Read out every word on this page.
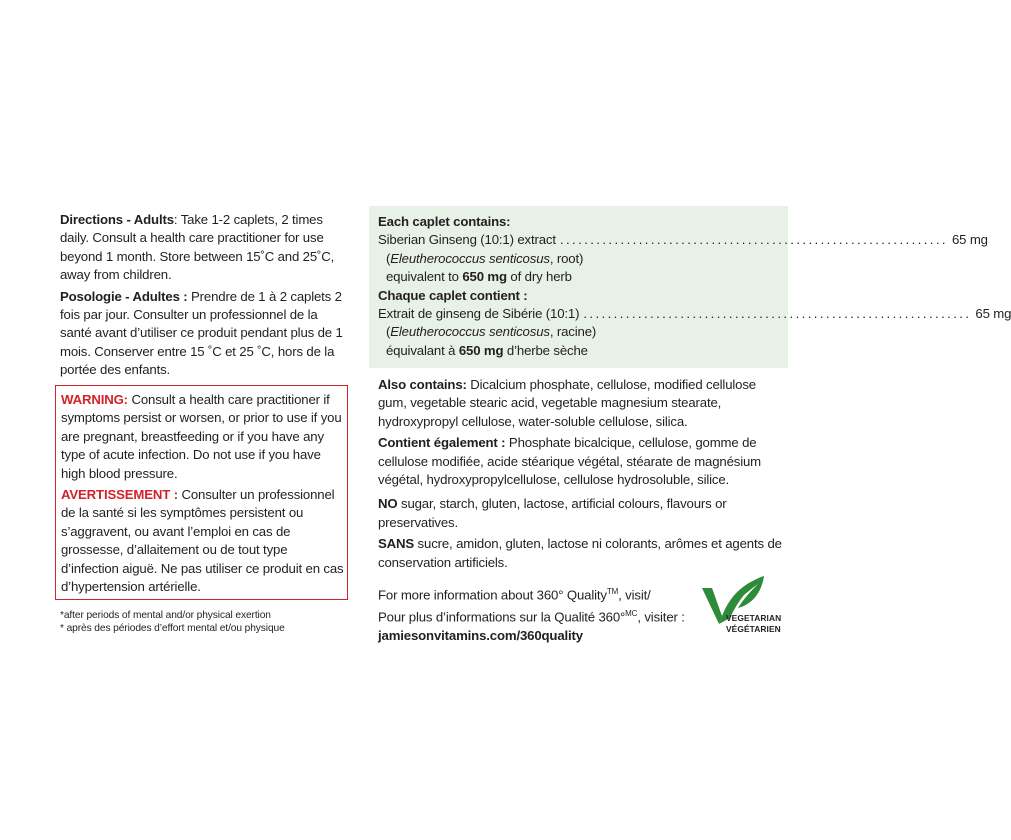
Directions - Adults: Take 1-2 caplets, 2 times daily. Consult a health care practitioner for use beyond 1 month. Store between 15˚C and 25˚C, away from children.

Posologie - Adultes : Prendre de 1 à 2 caplets 2 fois par jour. Consulter un professionnel de la santé avant d’utiliser ce produit pendant plus de 1 mois. Conserver entre 15 ˚C et 25 ˚C, hors de la portée des enfants.

WARNING: Consult a health care practitioner if symptoms persist or worsen, or prior to use if you are pregnant, breastfeeding or if you have any type of acute infection. Do not use if you have high blood pressure.

AVERTISSEMENT : Consulter un professionnel de la santé si les symptômes persistent ou s’aggravent, ou avant l’emploi en cas de grossesse, d’allaitement ou de tout type d’infection aiguë. Ne pas utiliser ce produit en cas d’hypertension artérielle.

*after periods of mental and/or physical exertion
* après des périodes d’effort mental et/ou physique
Each caplet contains:
Siberian Ginseng (10:1) extract ................................................................ 65 mg
(Eleutherococcus senticosus, root)
equivalent to 650 mg of dry herb
Chaque caplet contient :
Extrait de ginseng de Sibérie (10:1) ................................................................ 65 mg
(Eleutherococcus senticosus, racine)
équivalant à 650 mg d’herbe sèche

Also contains: Dicalcium phosphate, cellulose, modified cellulose gum, vegetable stearic acid, vegetable magnesium stearate, hydroxypropyl cellulose, water-soluble cellulose, silica.

Contient également : Phosphate bicalcique, cellulose, gomme de cellulose modifiée, acide stéarique végétal, stéarate de magnésium végétal, hydroxypropylcellulose, cellulose hydrosoluble, silice.

NO sugar, starch, gluten, lactose, artificial colours, flavours or preservatives.

SANS sucre, amidon, gluten, lactose ni colorants, arômes et agents de conservation artificiels.

For more information about 360° Quality™, visit/

Pour plus d’informations sur la Qualité 360°$^{MC}$, visiter :

jamiesonvitamins.com/360quality

VEGETARIAN
VÉGÉTARIEN
